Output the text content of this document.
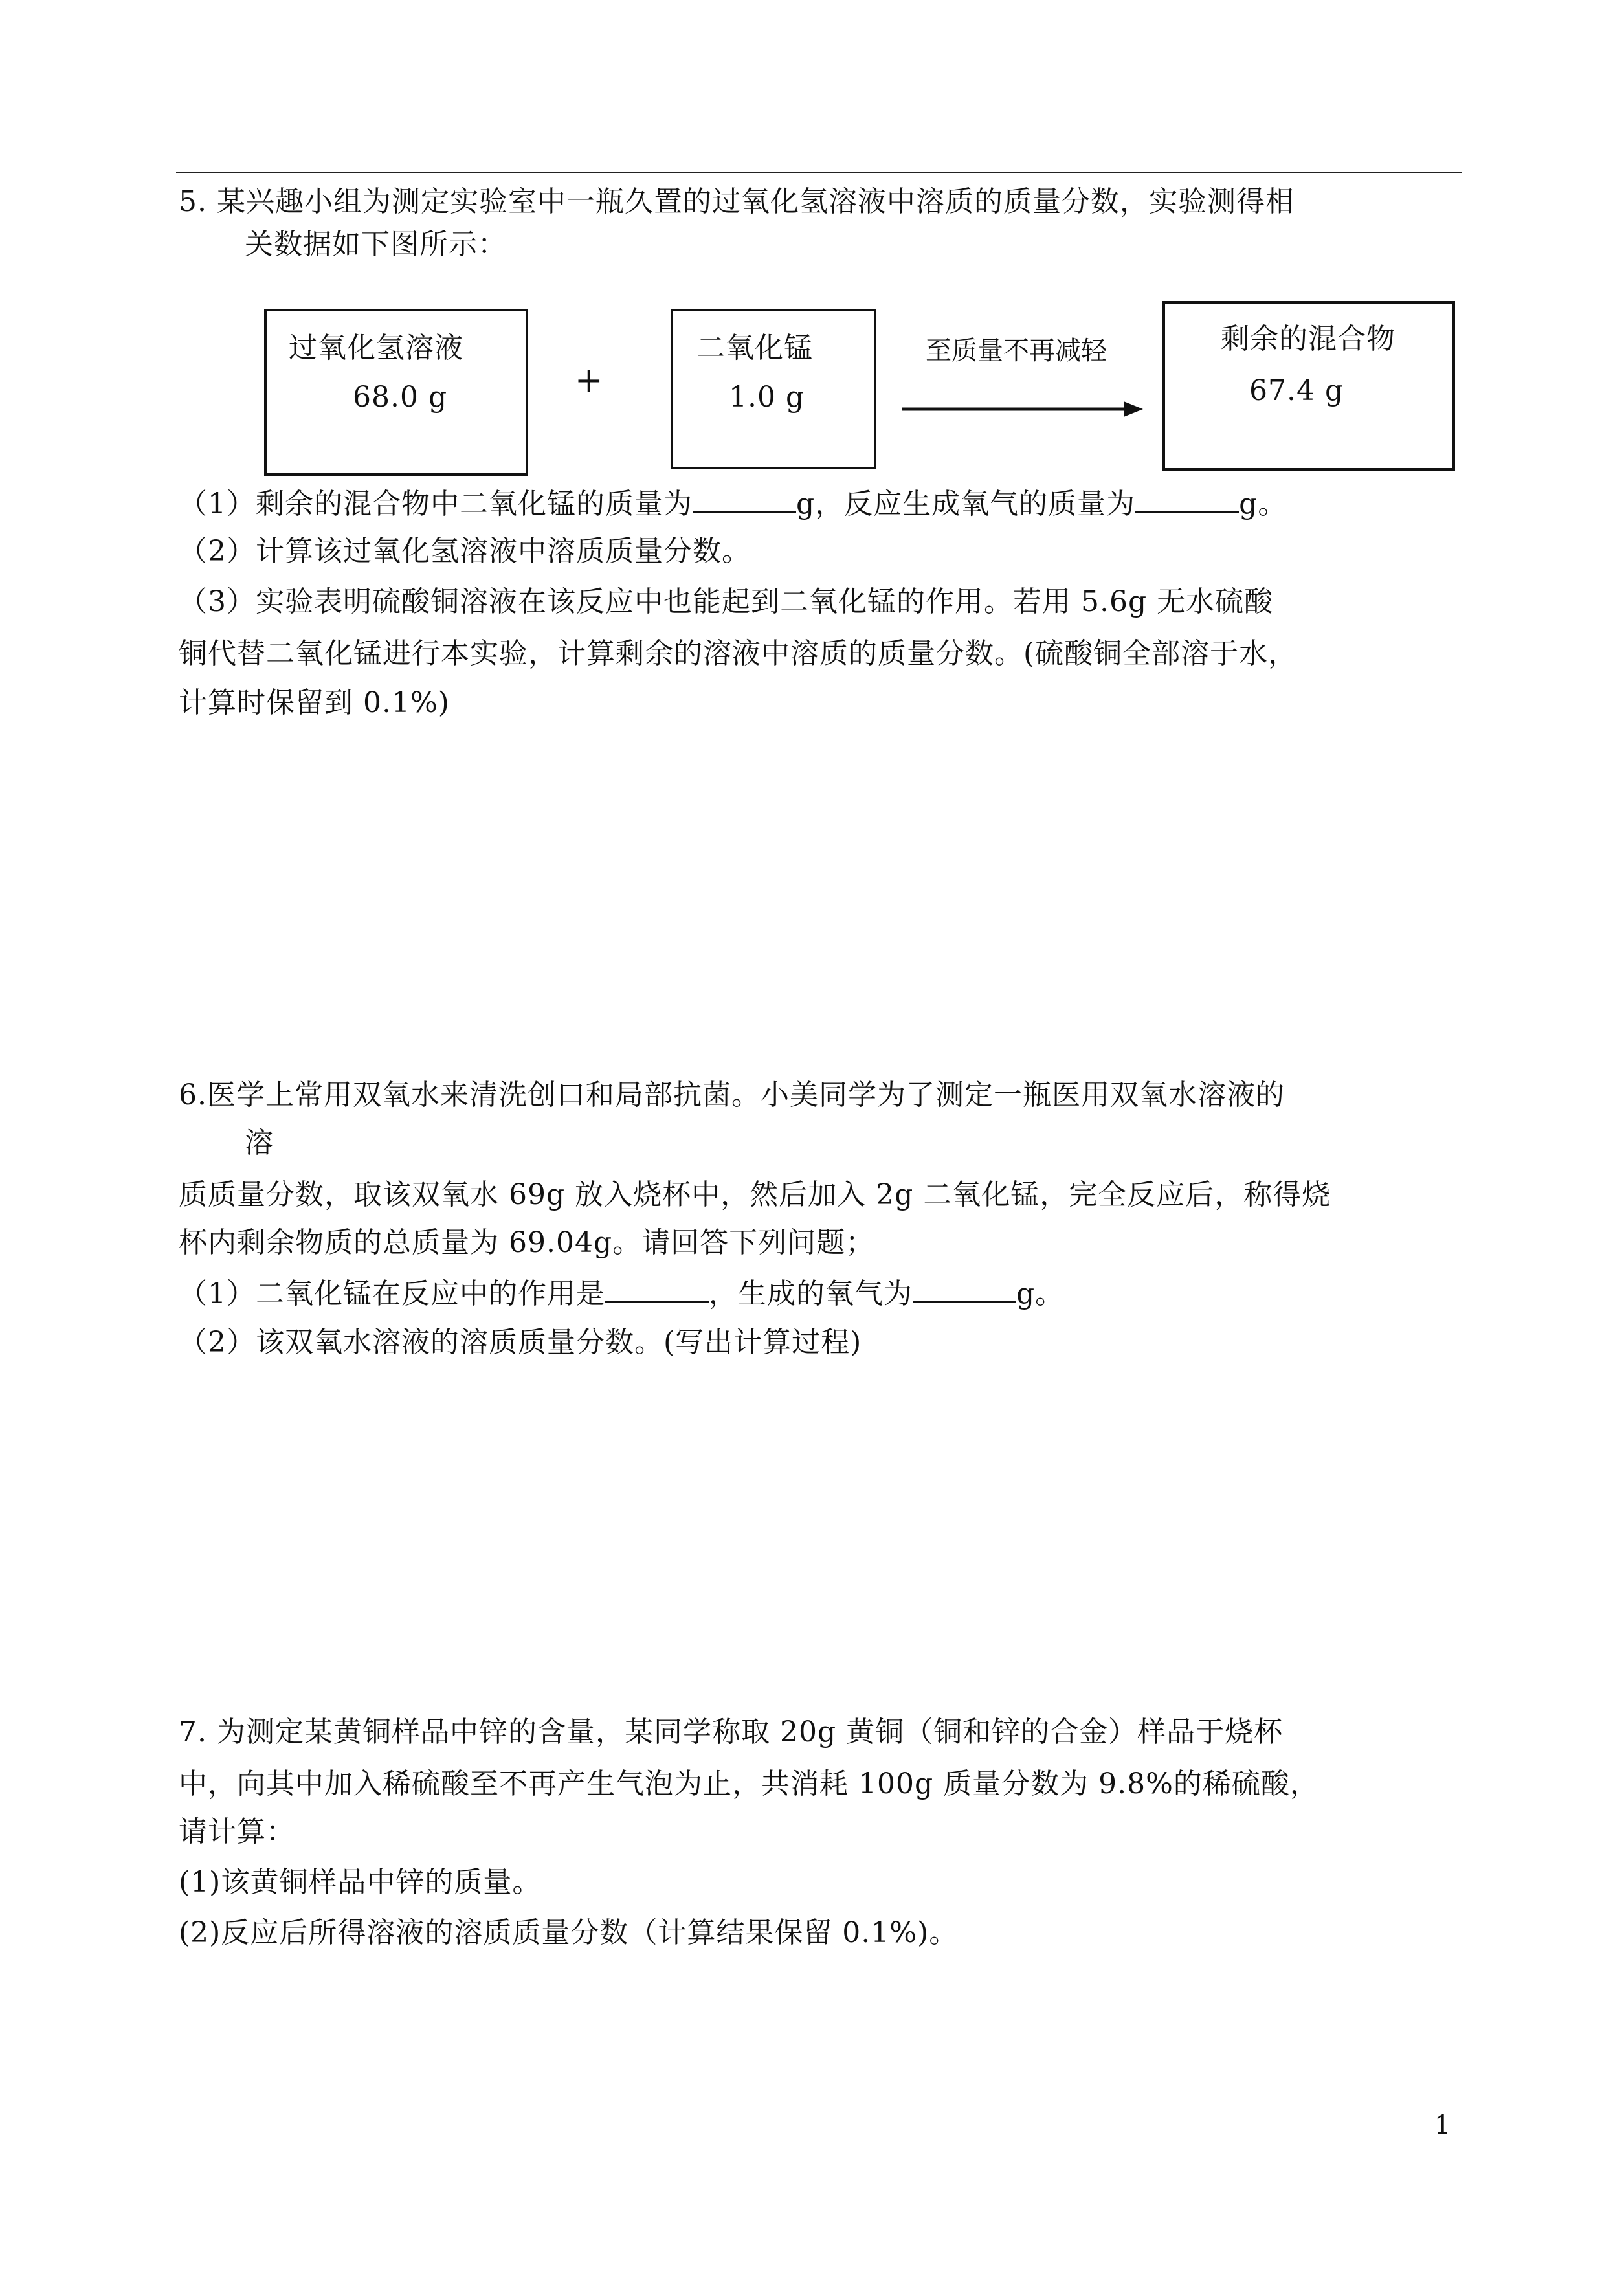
5. 某兴趣小组为测定实验室中一瓶久置的过氧化氢溶液中溶质的质量分数，实验测得相
关数据如下图所示：
过氧化氢溶液
68.0 g	+
二氧化锰
1.0 g
至质量不再减轻	剩余的混合物
67.4 g
（1）剩余的混合物中二氧化锰的质量为	g，反应生成氧气的质量为	g。
（2）计算该过氧化氢溶液中溶质质量分数。
（3）实验表明硫酸铜溶液在该反应中也能起到二氧化锰的作用。若用 5.6g 无水硫酸
铜代替二氧化锰进行本实验，计算剩余的溶液中溶质的质量分数。(硫酸铜全部溶于水，
计算时保留到 0.1%)
6.医学上常用双氧水来清洗创口和局部抗菌。小美同学为了测定一瓶医用双氧水溶液的
溶
质质量分数，取该双氧水 69g 放入烧杯中，然后加入 2g 二氧化锰，完全反应后，称得烧
杯内剩余物质的总质量为 69.04g。请回答下列问题；
（1）二氧化锰在反应中的作用是	，生成的氧气为	g。
（2）该双氧水溶液的溶质质量分数。(写出计算过程)
7. 为测定某黄铜样品中锌的含量，某同学称取 20g 黄铜（铜和锌的合金）样品于烧杯
中，向其中加入稀硫酸至不再产生气泡为止，共消耗 100g 质量分数为 9.8%的稀硫酸，
请计算：
(1)该黄铜样品中锌的质量。
(2)反应后所得溶液的溶质质量分数（计算结果保留 0.1%)。
1
